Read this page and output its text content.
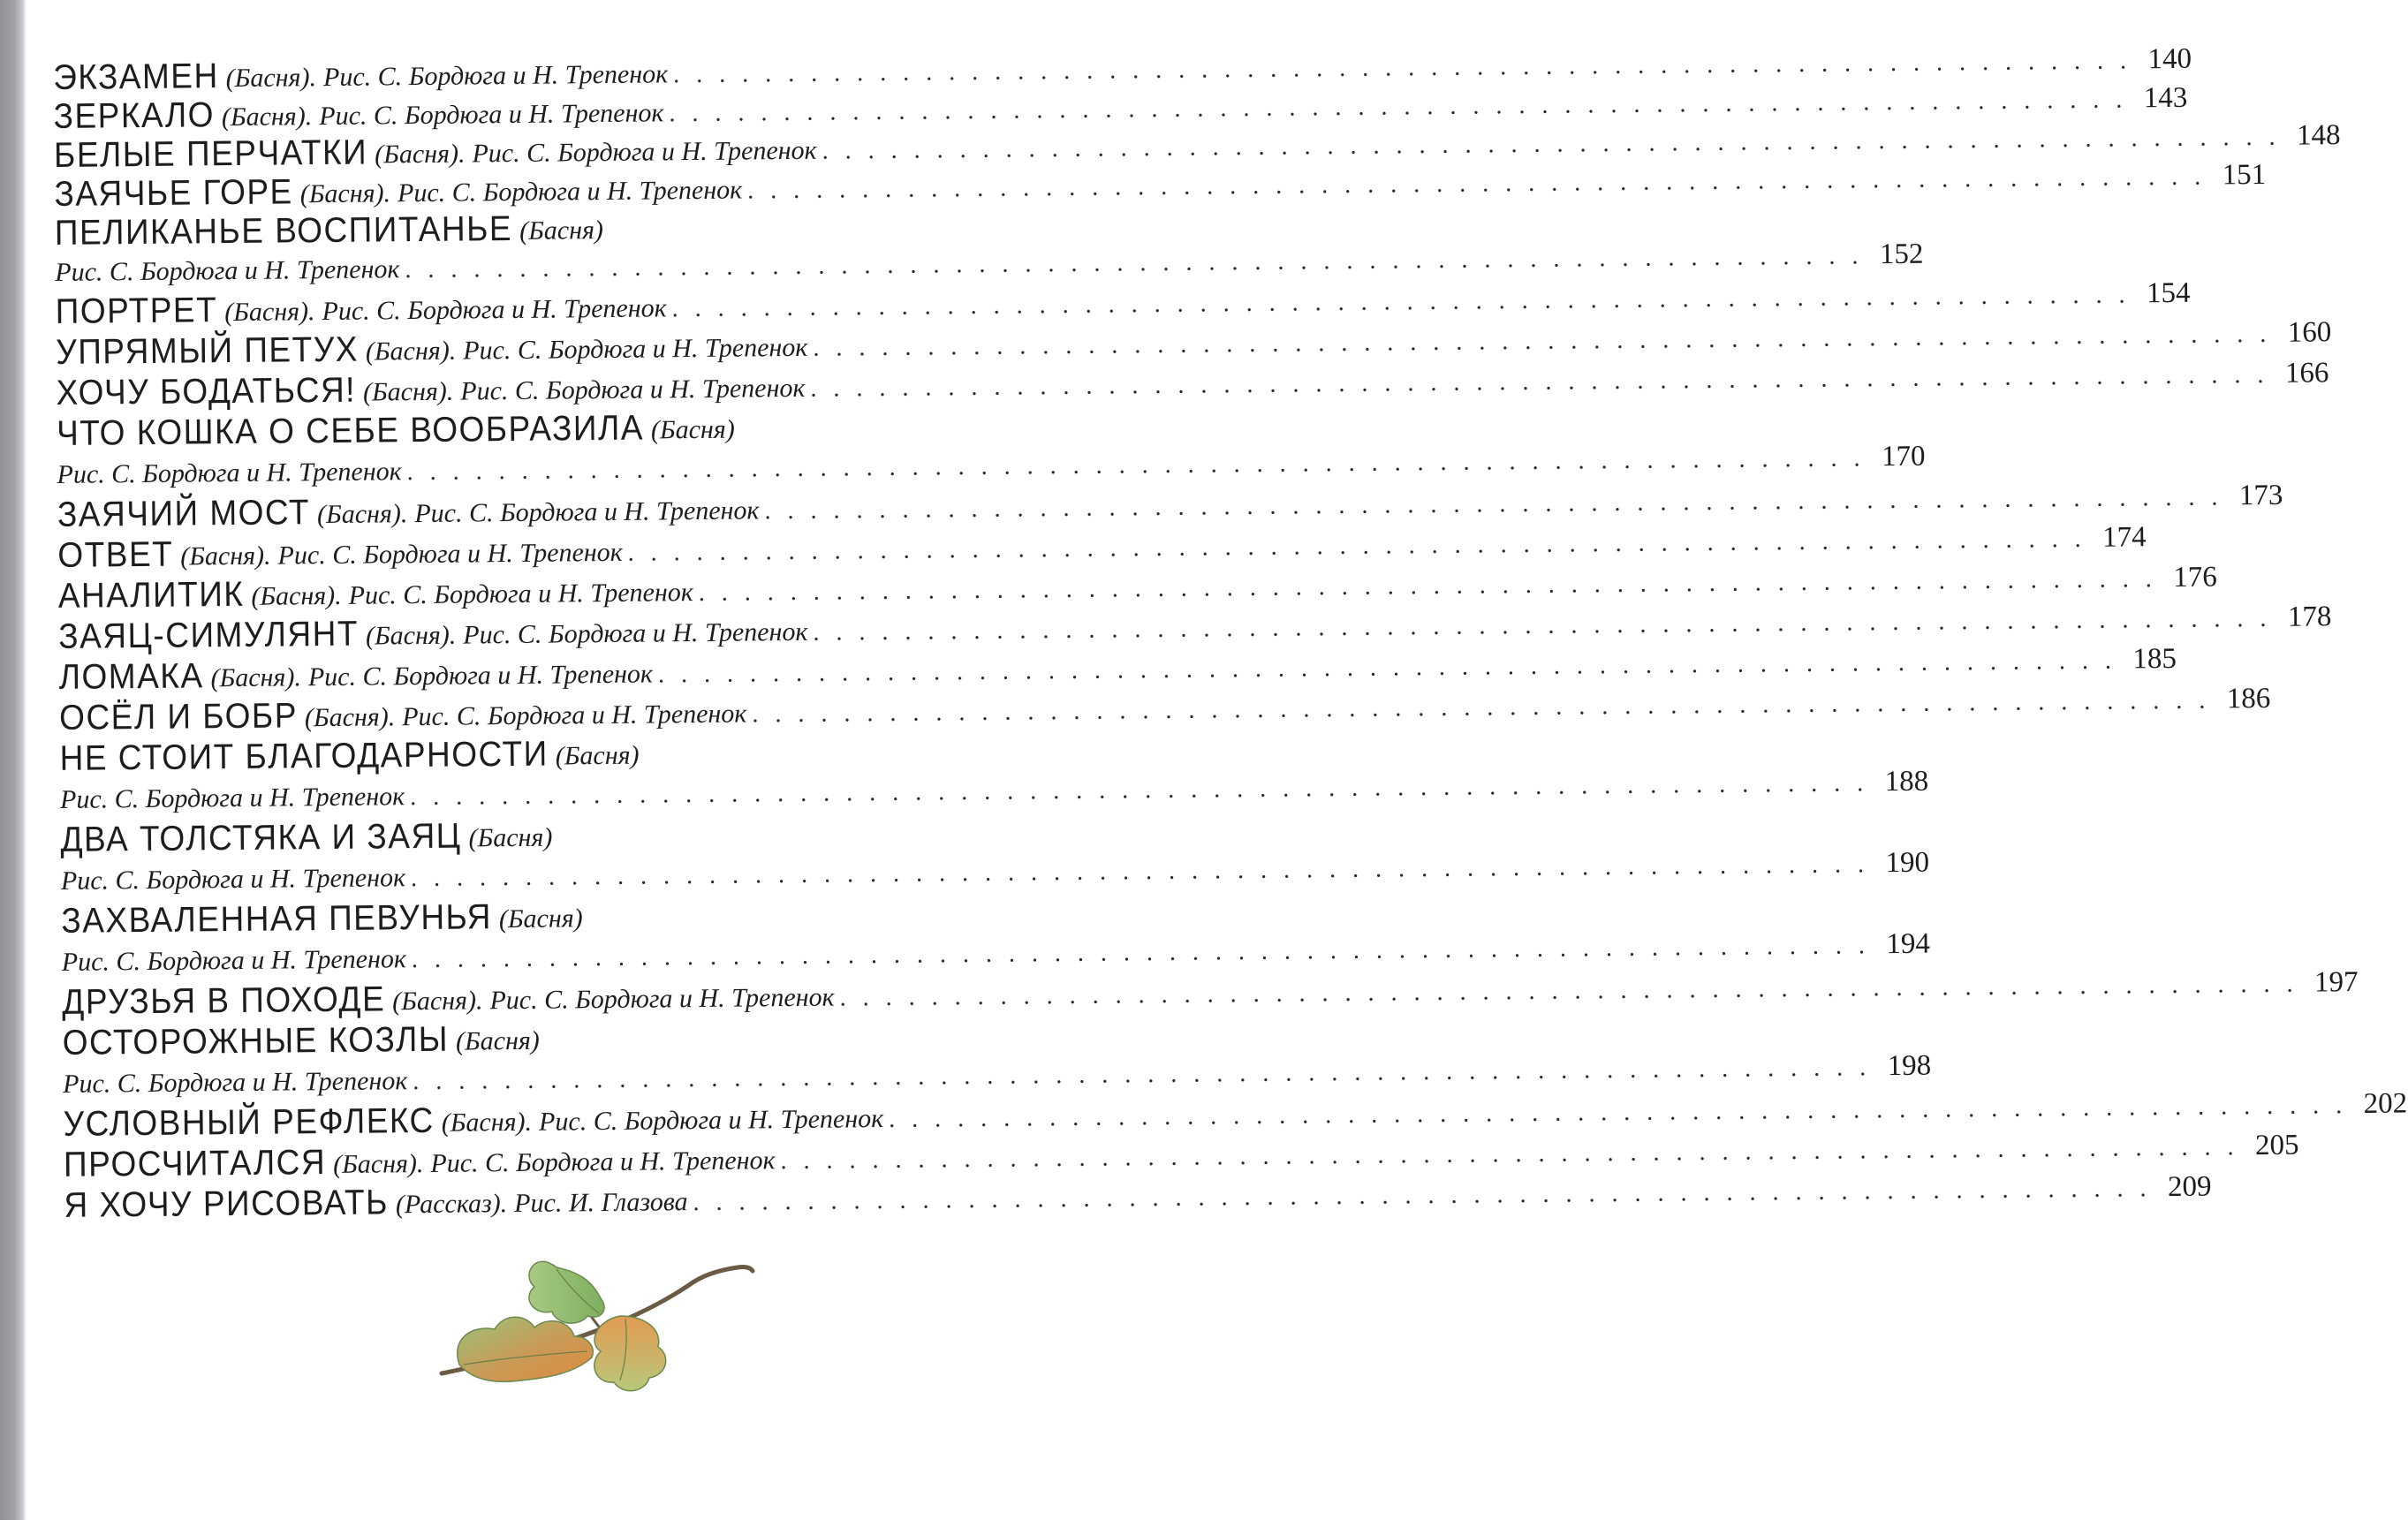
ЭКЗАМЕН (Басня). Рис. С. Бордюга и Н. Трепенок . . . . . . . . . . . . . . . . . . . . . . . . . . . . . . . . . . . . . . . . . . . . . . . . . . . . . . . . . . . . . . . . 140
ЗЕРКАЛО (Басня). Рис. С. Бордюга и Н. Трепенок . . . . . . . . . . . . . . . . . . . . . . . . . . . . . . . . . . . . . . . . . . . . . . . . . . . . . . . . . . . . . . . . 143
БЕЛЫЕ ПЕРЧАТКИ (Басня). Рис. С. Бордюга и Н. Трепенок . . . . . . . . . . . . . . . . . . . . . . . . . . . . . . . . . . . . . . . . . . . . . . . . . . . . . . . . . . . . . . . . 148
ЗАЯЧЬЕ ГОРЕ (Басня). Рис. С. Бордюга и Н. Трепенок . . . . . . . . . . . . . . . . . . . . . . . . . . . . . . . . . . . . . . . . . . . . . . . . . . . . . . . . . . . . . . . . 151
ПЕЛИКАНЬЕ ВОСПИТАНЬЕ (Басня)
Рис. С. Бордюга и Н. Трепенок . . . . . . . . . . . . . . . . . . . . . . . . . . . . . . . . . . . . . . . . . . . . . . . . . . . . . . . . . . . . . . . . 152
ПОРТРЕТ (Басня). Рис. С. Бордюга и Н. Трепенок . . . . . . . . . . . . . . . . . . . . . . . . . . . . . . . . . . . . . . . . . . . . . . . . . . . . . . . . . . . . . . . . 154
УПРЯМЫЙ ПЕТУХ (Басня). Рис. С. Бордюга и Н. Трепенок . . . . . . . . . . . . . . . . . . . . . . . . . . . . . . . . . . . . . . . . . . . . . . . . . . . . . . . . . . . . . . . . 160
ХОЧУ БОДАТЬСЯ! (Басня). Рис. С. Бордюга и Н. Трепенок . . . . . . . . . . . . . . . . . . . . . . . . . . . . . . . . . . . . . . . . . . . . . . . . . . . . . . . . . . . . . . . . 166
ЧТО КОШКА О СЕБЕ ВООБРАЗИЛА (Басня)
Рис. С. Бордюга и Н. Трепенок . . . . . . . . . . . . . . . . . . . . . . . . . . . . . . . . . . . . . . . . . . . . . . . . . . . . . . . . . . . . . . . . 170
ЗАЯЧИЙ МОСТ (Басня). Рис. С. Бордюга и Н. Трепенок . . . . . . . . . . . . . . . . . . . . . . . . . . . . . . . . . . . . . . . . . . . . . . . . . . . . . . . . . . . . . . . . 173
ОТВЕТ (Басня). Рис. С. Бордюга и Н. Трепенок . . . . . . . . . . . . . . . . . . . . . . . . . . . . . . . . . . . . . . . . . . . . . . . . . . . . . . . . . . . . . . . . 174
АНАЛИТИК (Басня). Рис. С. Бордюга и Н. Трепенок . . . . . . . . . . . . . . . . . . . . . . . . . . . . . . . . . . . . . . . . . . . . . . . . . . . . . . . . . . . . . . . . 176
ЗАЯЦ-СИМУЛЯНТ (Басня). Рис. С. Бордюга и Н. Трепенок . . . . . . . . . . . . . . . . . . . . . . . . . . . . . . . . . . . . . . . . . . . . . . . . . . . . . . . . . . . . . . . . 178
ЛОМАКА (Басня). Рис. С. Бордюга и Н. Трепенок . . . . . . . . . . . . . . . . . . . . . . . . . . . . . . . . . . . . . . . . . . . . . . . . . . . . . . . . . . . . . . . . 185
ОСЁЛ И БОБР (Басня). Рис. С. Бордюга и Н. Трепенок . . . . . . . . . . . . . . . . . . . . . . . . . . . . . . . . . . . . . . . . . . . . . . . . . . . . . . . . . . . . . . . . 186
НЕ СТОИТ БЛАГОДАРНОСТИ (Басня)
Рис. С. Бордюга и Н. Трепенок . . . . . . . . . . . . . . . . . . . . . . . . . . . . . . . . . . . . . . . . . . . . . . . . . . . . . . . . . . . . . . . . 188
ДВА ТОЛСТЯКА И ЗАЯЦ (Басня)
Рис. С. Бордюга и Н. Трепенок . . . . . . . . . . . . . . . . . . . . . . . . . . . . . . . . . . . . . . . . . . . . . . . . . . . . . . . . . . . . . . . . 190
ЗАХВАЛЕННАЯ ПЕВУНЬЯ (Басня)
Рис. С. Бордюга и Н. Трепенок . . . . . . . . . . . . . . . . . . . . . . . . . . . . . . . . . . . . . . . . . . . . . . . . . . . . . . . . . . . . . . . . 194
ДРУЗЬЯ В ПОХОДЕ (Басня). Рис. С. Бордюга и Н. Трепенок . . . . . . . . . . . . . . . . . . . . . . . . . . . . . . . . . . . . . . . . . . . . . . . . . . . . . . . . . . . . . . . . 197
ОСТОРОЖНЫЕ КОЗЛЫ (Басня)
Рис. С. Бордюга и Н. Трепенок . . . . . . . . . . . . . . . . . . . . . . . . . . . . . . . . . . . . . . . . . . . . . . . . . . . . . . . . . . . . . . . . 198
УСЛОВНЫЙ РЕФЛЕКС (Басня). Рис. С. Бордюга и Н. Трепенок . . . . . . . . . . . . . . . . . . . . . . . . . . . . . . . . . . . . . . . . . . . . . . . . . . . . . . . . . . . . . . . . 202
ПРОСЧИТАЛСЯ (Басня). Рис. С. Бордюга и Н. Трепенок . . . . . . . . . . . . . . . . . . . . . . . . . . . . . . . . . . . . . . . . . . . . . . . . . . . . . . . . . . . . . . . . 205
Я ХОЧУ РИСОВАТЬ (Рассказ). Рис. И. Глазова . . . . . . . . . . . . . . . . . . . . . . . . . . . . . . . . . . . . . . . . . . . . . . . . . . . . . . . . . . . . . . . . 209
